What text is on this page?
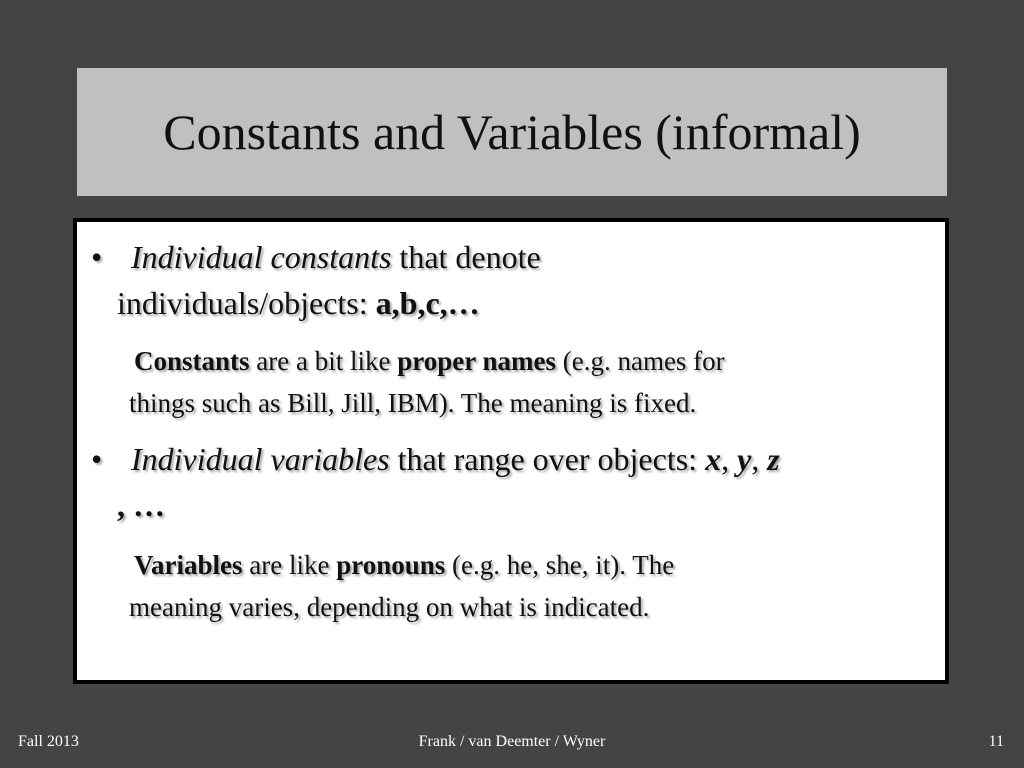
Constants and Variables (informal)
• Individual constants that denote
individuals/objects: a,b,c,…
Constants are a bit like proper names (e.g. names for
things such as Bill, Jill, IBM). The meaning is fixed.
• Individual variables that range over objects: x, y, z
, …
Variables are like pronouns (e.g. he, she, it). The
meaning varies, depending on what is indicated.
Fall 2013	Frank / van Deemter / Wyner	11
